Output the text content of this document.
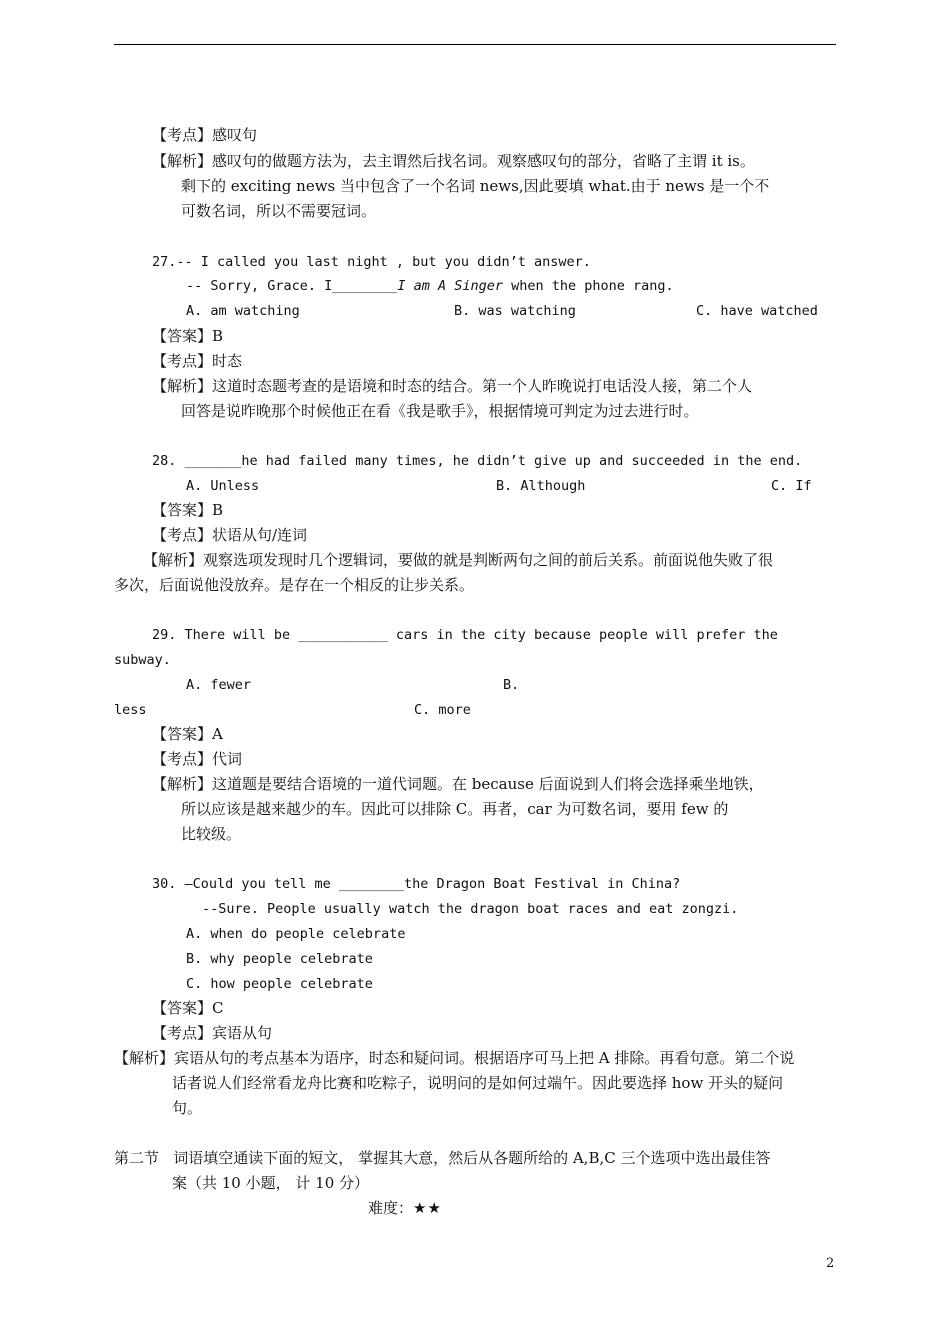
【考点】感叹句
【解析】感叹句的做题方法为，去主谓然后找名词。观察感叹句的部分，省略了主谓 it is。
剩下的 exciting news 当中包含了一个名词 news,因此要填 what.由于 news 是一个不
可数名词，所以不需要冠词。
27.-- I called you last night , but you didn’t answer.
-- Sorry, Grace. I________I am A Singer when the phone rang.
A. am watching	B. was watching	C. have watched
【答案】B
【考点】时态
【解析】这道时态题考查的是语境和时态的结合。第一个人昨晚说打电话没人接，第二个人
回答是说昨晚那个时候他正在看《我是歌手》，根据情境可判定为过去进行时。
28. _______he had failed many times, he didn’t give up and succeeded in the end.
A. Unless	B. Although	C. If
【答案】B
【考点】状语从句/连词
【解析】观察选项发现时几个逻辑词，要做的就是判断两句之间的前后关系。前面说他失败了很
多次，后面说他没放弃。是存在一个相反的让步关系。
29. There will be ___________ cars in the city because people will prefer the
subway.
A. fewer	B.
less	C. more
【答案】A
【考点】代词
【解析】这道题是要结合语境的一道代词题。在 because 后面说到人们将会选择乘坐地铁，
所以应该是越来越少的车。因此可以排除 C。再者，car 为可数名词，要用 few 的
比较级。
30. –Could you tell me ________the Dragon Boat Festival in China?
--Sure. People usually watch the dragon boat races and eat zongzi.
A. when do people celebrate
B. why people celebrate
C. how people celebrate
【答案】C
【考点】宾语从句
【解析】宾语从句的考点基本为语序，时态和疑问词。根据语序可马上把 A 排除。再看句意。第二个说
话者说人们经常看龙舟比赛和吃粽子，说明问的是如何过端午。因此要选择 how 开头的疑问
句。
第二节   词语填空通读下面的短文， 掌握其大意，然后从各题所给的 A,B,C 三个选项中选出最佳答
案（共 10 小题， 计 10 分）
难度：★★
2
